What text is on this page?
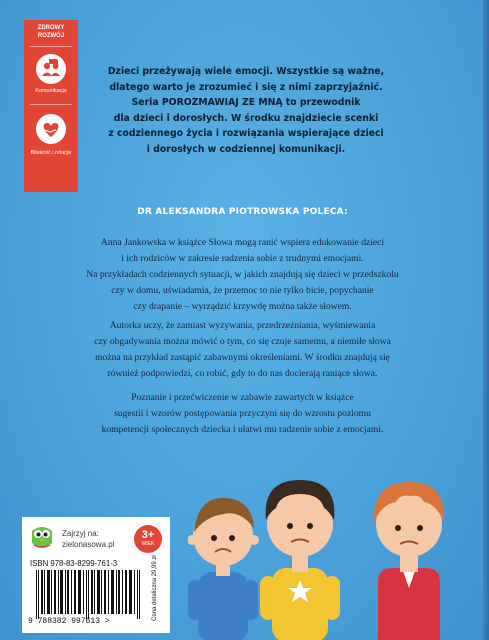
ZDROWY ROZWÓJ
Komunikacja
Bliskość i relacje
Dzieci przeżywają wiele emocji. Wszystkie są ważne,
dlatego warto je zrozumieć i się z nimi zaprzyjaźnić.
Seria POROZMAWIAJ ZE MNĄ to przewodnik
dla dzieci i dorosłych. W środku znajdziecie scenki
z codziennego życia i rozwiązania wspierające dzieci
i dorosłych w codziennej komunikacji.
DR ALEKSANDRA PIOTROWSKA POLECA:
Anna Jankowska w książce Słowa mogą ranić wspiera edukowanie dzieci
i ich rodziców w zakresie radzenia sobie z trudnymi emocjami.
Na przykładach codziennych sytuacji, w jakich znajdują się dzieci w przedszkolu
czy w domu, uświadamia, że przemoc to nie tylko bicie, popychanie
czy drapanie – wyrządzić krzywdę można także słowem.
Autorka uczy, że zamiast wyzywania, przedrzeźniania, wyśmiewania
czy obgadywania można mówić o tym, co się czuje samemu, a niemiłe słowa
można na przykład zastąpić zabawnymi określeniami. W środku znajdują się
również podpowiedzi, co robić, gdy to do nas docierają raniące słowa.
Poznanie i przećwiczenie w zabawie zawartych w książce
sugestii i wzorów postępowania przyczyni się do wzrostu poziomu
kompetencji społecznych dziecka i ułatwi mu radzenie sobie z emocjami.
Zajrzyj na:
zielonasowa.pl
3+
WIEK
ISBN 978-83-8299-761-3
9 788382 997613 >
Cena detaliczna 29,99 zł
